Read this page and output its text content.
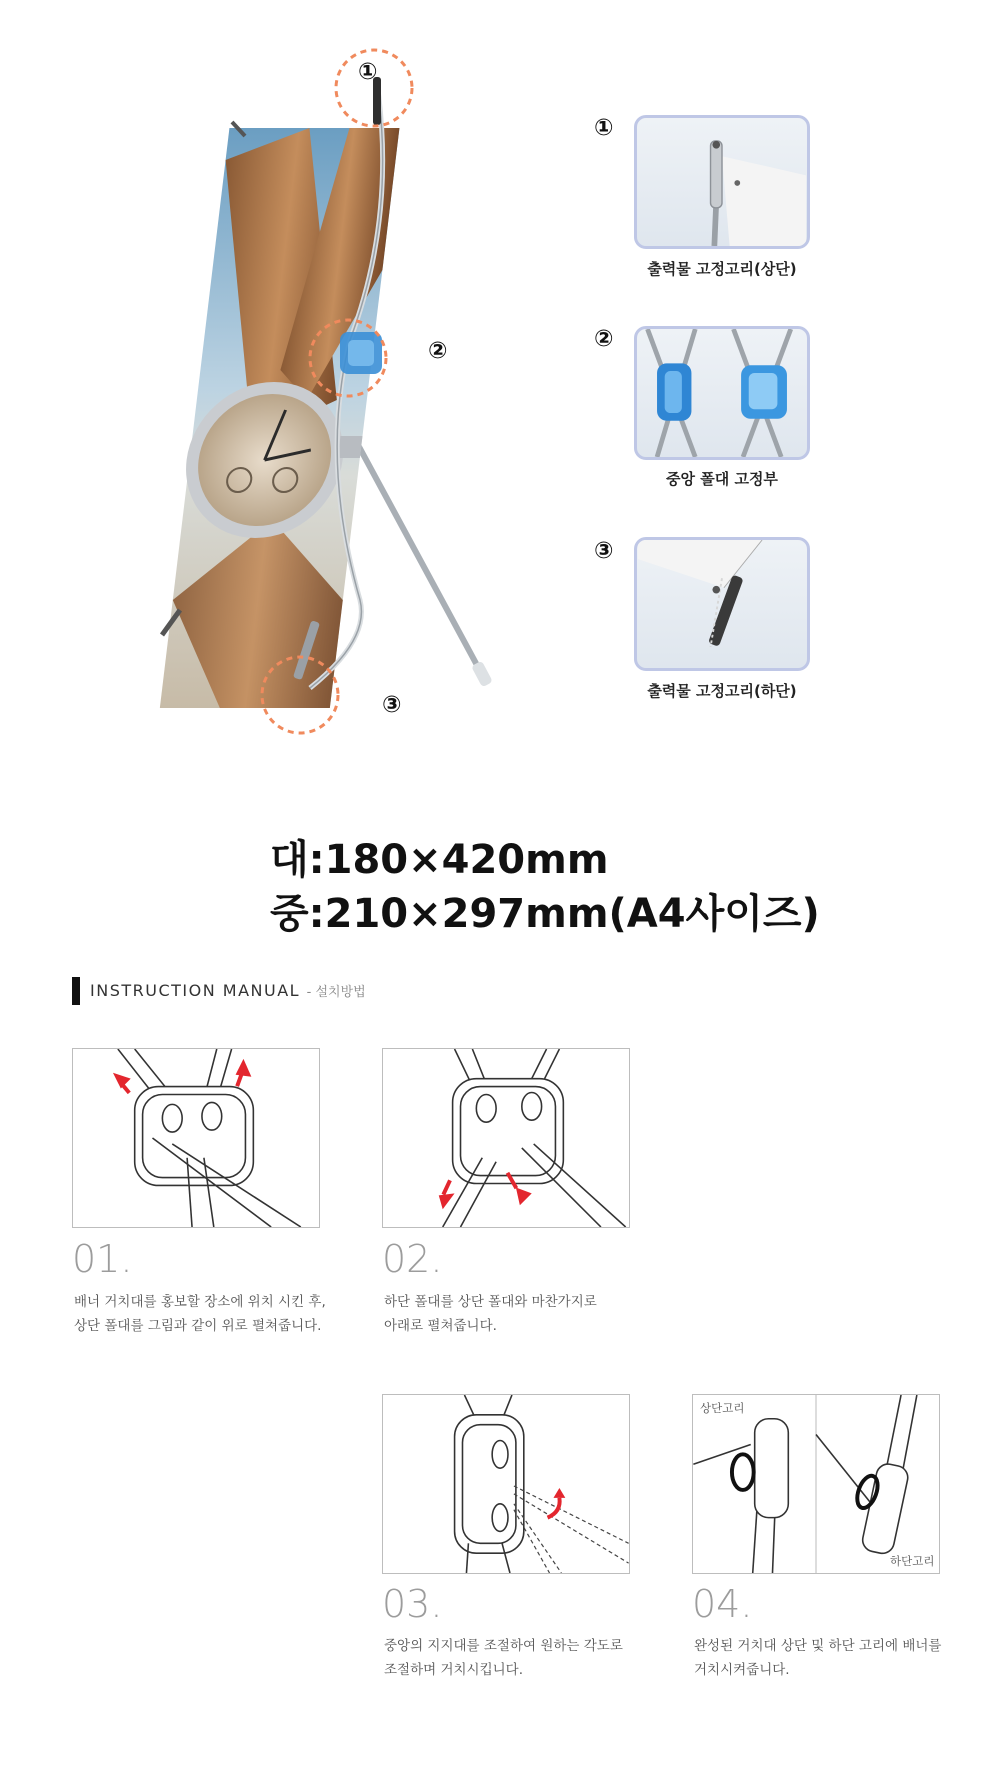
①
②
③
①
출력물 고정고리(상단)
②
중앙 폴대 고정부
③
출력물 고정고리(하단)
대:180×420mm
중:210×297mm(A4사이즈)
INSTRUCTION MANUAL - 설치방법
01.
배너 거치대를 홍보할 장소에 위치 시킨 후,
상단 폴대를 그림과 같이 위로 펼쳐줍니다.
02.
하단 폴대를 상단 폴대와 마찬가지로
아래로 펼쳐줍니다.
03.
중앙의 지지대를 조절하여 원하는 각도로
조절하며 거치시킵니다.
상단고리
하단고리
04.
완성된 거치대 상단 및 하단 고리에 배너를
거치시켜줍니다.
